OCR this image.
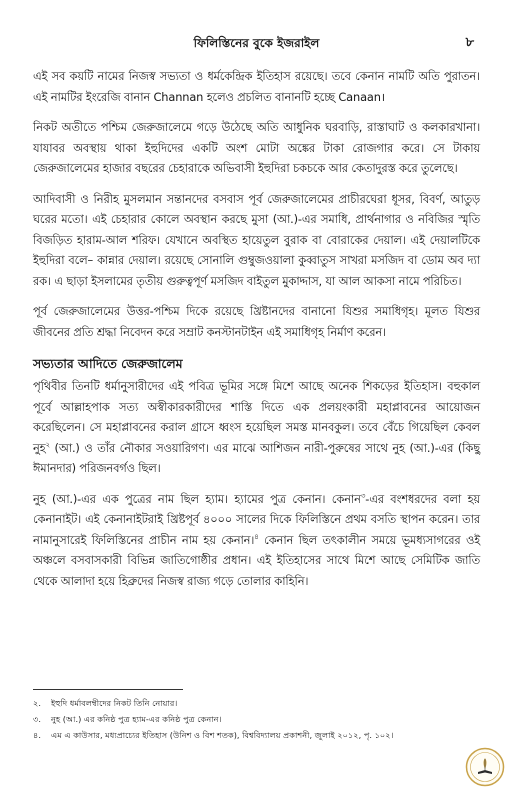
ফিলিস্তিনের বুকে ইজরাইল	৮

এই সব কয়টি নামের নিজস্ব সভ্যতা ও ধর্মকেন্দ্রিক ইতিহাস রয়েছে। তবে কেনান নামটি অতি পুরাতন। এই নামটির ইংরেজি বানান Channan হলেও প্রচলিত বানানটি হচ্ছে Canaan।

নিকট অতীতে পশ্চিম জেরুজালেমে গড়ে উঠেছে অতি আধুনিক ঘরবাড়ি, রাস্তাঘাট ও কলকারখানা। যাযাবর অবস্থায় থাকা ইহুদিদের একটি অংশ মোটা অঙ্কের টাকা রোজগার করে। সে টাকায় জেরুজালেমের হাজার বছরের চেহারাকে অভিবাসী ইহুদিরা চকচকে আর কেতাদুরস্ত করে তুলেছে।

আদিবাসী ও নিরীহ মুসলমান সন্তানদের বসবাস পূর্ব জেরুজালেমের প্রাচীরঘেরা ধূসর, বিবর্ণ, আতুড় ঘরের মতো। এই চেহারার কোলে অবস্থান করছে মুসা (আ.)-এর সমাধি, প্রার্থনাগার ও নবিজির স্মৃতি বিজড়িত হারাম-আল শরিফ। যেখানে অবস্থিত হায়েতুল বুরাক বা বোরাকের দেয়াল। এই দেয়ালটিকে ইহুদিরা বলে– কান্নার দেয়াল। রয়েছে সোনালি গুম্বুজওয়ালা কুব্বাতুস সাখরা মসজিদ বা ডোম অব দ্যা রক। এ ছাড়া ইসলামের তৃতীয় গুরুত্বপূর্ণ মসজিদ বাইতুল মুকাদ্দাস, যা আল আকসা নামে পরিচিত।

পূর্ব জেরুজালেমের উত্তর-পশ্চিম দিকে রয়েছে খ্রিষ্টানদের বানানো যিশুর সমাধিগৃহ। মূলত যিশুর জীবনের প্রতি শ্রদ্ধা নিবেদন করে সম্রাট কনস্টানটাইন এই সমাধিগৃহ নির্মাণ করেন।

সভ্যতার আদিতে জেরুজালেম

পৃথিবীর তিনটি ধর্মানুসারীদের এই পবিত্র ভূমির সঙ্গে মিশে আছে অনেক শিকড়ের ইতিহাস। বহুকাল পূর্বে আল্লাহপাক সত্য অস্বীকারকারীদের শাস্তি দিতে এক প্রলয়ংকারী মহাপ্লাবনের আয়োজন করেছিলেন। সে মহাপ্লাবনের করাল গ্রাসে ধ্বংস হয়েছিল সমস্ত মানবকুল। তবে বেঁচে গিয়েছিল কেবল নুহ$^২$ (আ.) ও তাঁর নৌকার সওয়ারিগণ। এর মাঝে আশিজন নারী-পুরুষের সাথে নুহ (আ.)-এর (কিছু ঈমানদার) পরিজনবর্গও ছিল।

নুহ (আ.)-এর এক পুত্রের নাম ছিল হ্যাম। হ্যামের পুত্র কেনান। কেনান$^৩$-এর বংশধরদের বলা হয় কেনানাইট। এই কেনানাইটরাই খ্রিষ্টপূর্ব ৪০০০ সালের দিকে ফিলিস্তিনে প্রথম বসতি স্থাপন করেন। তার নামানুসারেই ফিলিস্তিনের প্রাচীন নাম হয় কেনান।$^৪$ কেনান ছিল তৎকালীন সময়ে ভূমধ্যসাগরের ওই অঞ্চলে বসবাসকারী বিভিন্ন জাতিগোষ্ঠীর প্রধান। এই ইতিহাসের সাথে মিশে আছে সেমিটিক জাতি থেকে আলাদা হয়ে হিব্রুদের নিজস্ব রাজ্য গড়ে তোলার কাহিনি।

২. ইহুদি ধর্মাবলম্বীদের নিকট তিনি নোয়ার।
৩. নুহ (আ.) এর কনিষ্ঠ পুত্র হ্যাম-এর কনিষ্ঠ পুত্র কেনান।
৪. এম এ কাউসার, মধ্যপ্রাচ্যের ইতিহাস (উনিশ ও বিশ শতক), বিশ্ববিদ্যালয় প্রকাশনী, জুলাই ২০১২, পৃ. ১০২।
